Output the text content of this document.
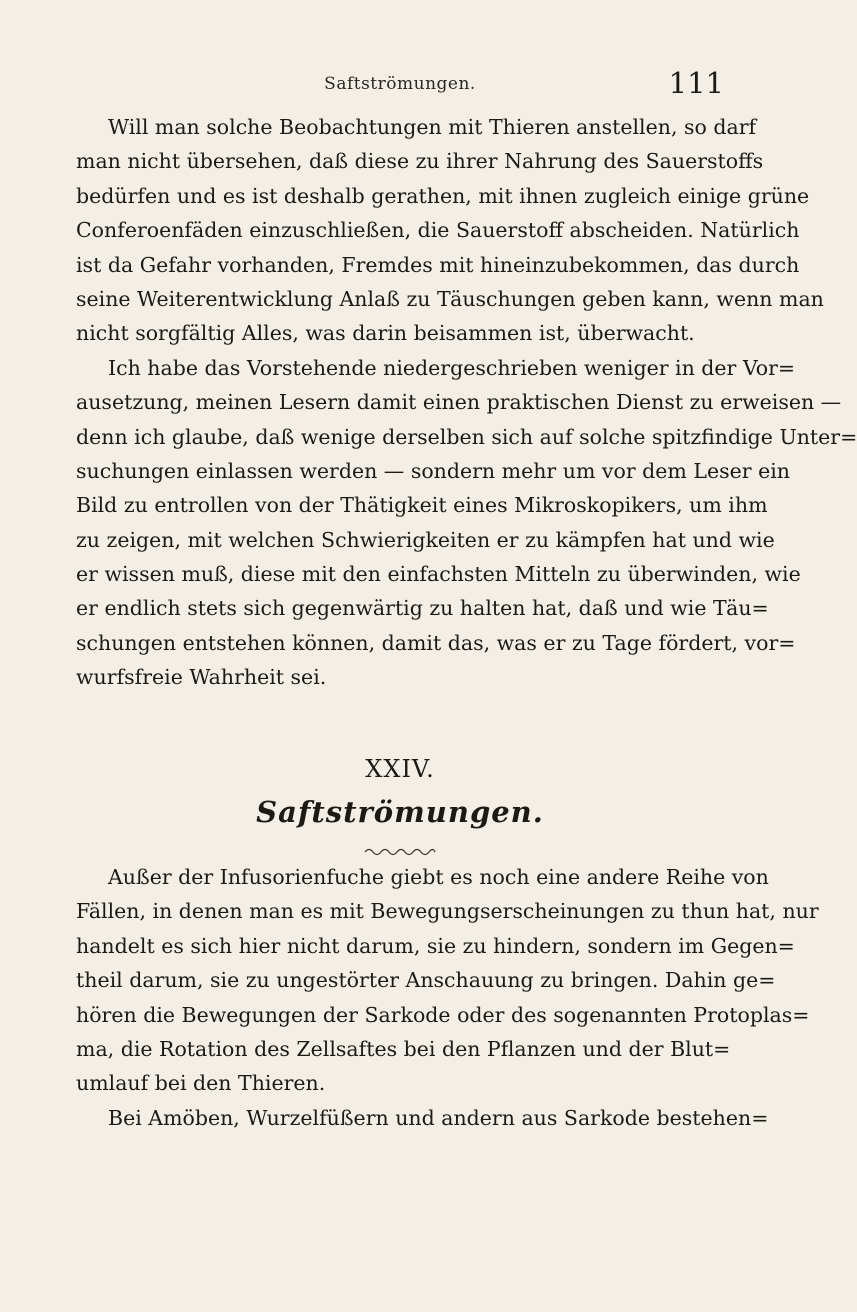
Saftströmungen.	111
Will man solche Beobachtungen mit Thieren anstellen, so darf
man nicht übersehen, daß diese zu ihrer Nahrung des Sauerstoffs
bedürfen und es ist deshalb gerathen, mit ihnen zugleich einige grüne
Conferoenfäden einzuschließen, die Sauerstoff abscheiden. Natürlich
ist da Gefahr vorhanden, Fremdes mit hineinzubekommen, das durch
seine Weiterentwicklung Anlaß zu Täuschungen geben kann, wenn man
nicht sorgfältig Alles, was darin beisammen ist, überwacht.
Ich habe das Vorstehende niedergeschrieben weniger in der Vor=
ausetzung, meinen Lesern damit einen praktischen Dienst zu erweisen —
denn ich glaube, daß wenige derselben sich auf solche spitzfindige Unter=
suchungen einlassen werden — sondern mehr um vor dem Leser ein
Bild zu entrollen von der Thätigkeit eines Mikroskopikers, um ihm
zu zeigen, mit welchen Schwierigkeiten er zu kämpfen hat und wie
er wissen muß, diese mit den einfachsten Mitteln zu überwinden, wie
er endlich stets sich gegenwärtig zu halten hat, daß und wie Täu=
schungen entstehen können, damit das, was er zu Tage fördert, vor=
wurfsfreie Wahrheit sei.
XXIV.
Saftströmungen.
Außer der Infusorienfuche giebt es noch eine andere Reihe von
Fällen, in denen man es mit Bewegungserscheinungen zu thun hat, nur
handelt es sich hier nicht darum, sie zu hindern, sondern im Gegen=
theil darum, sie zu ungestörter Anschauung zu bringen. Dahin ge=
hören die Bewegungen der Sarkode oder des sogenannten Protoplas=
ma, die Rotation des Zellsaftes bei den Pflanzen und der Blut=
umlauf bei den Thieren.
Bei Amöben, Wurzelfüßern und andern aus Sarkode bestehen=
